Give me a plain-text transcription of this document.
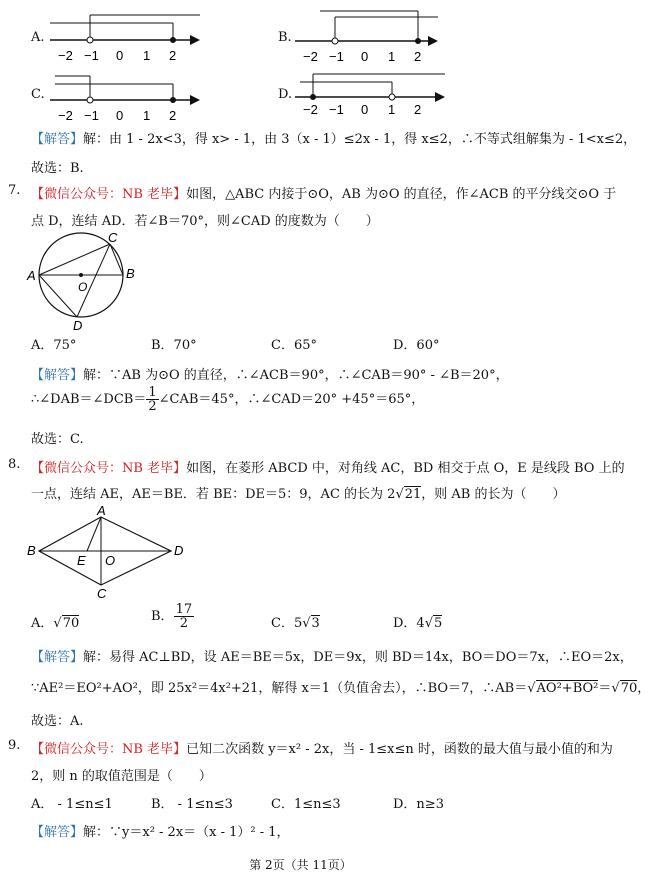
A.
−2 −1 0 1 2
B.
−2 −1 0 1 2
C.
−2 −1 0 1 2
D.
−2 −1 0 1 2
【解答】解：由 1 - 2x<3，得 x> - 1，由 3（x - 1）≤2x - 1，得 x≤2，∴不等式组解集为 - 1<x≤2，
故选：B.
7. 【微信公众号：NB 老毕】如图，△ABC 内接于⊙O，AB 为⊙O 的直径，作∠ACB 的平分线交⊙O 于
点 D，连结 AD．若∠B＝70°，则∠CAD 的度数为（　　）
A	B
C
D
O
A．75°	B．70°	C．65°	D．60°
【解答】解：∵AB 为⊙O 的直径，∴∠ACB＝90°，∴∠CAB＝90° - ∠B＝20°，
∴∠DAB＝∠DCB＝ $\frac{1}{2}$ ∠CAB＝45°，∴∠CAD＝20° +45°＝65°，
故选：C.
8. 【微信公众号：NB 老毕】如图，在菱形 ABCD 中，对角线 AC，BD 相交于点 O，E 是线段 BO 上的
一点，连结 AE，AE＝BE．若 BE：DE＝5：9，AC 的长为 2√21，则 AB 的长为（　　）
A
B
C
D
E O
A．√70	B． $\frac{17}{2}$	C．5√3	D．4√5
【解答】解：易得 AC⊥BD，设 AE＝BE＝5x，DE＝9x，则 BD＝14x，BO＝DO＝7x，∴EO＝2x，
∵AE²＝EO²+AO²，即 25x²＝4x²+21，解得 x＝1（负值舍去），∴BO＝7，∴AB＝√AO²+BO²＝√70，
故选：A.
9. 【微信公众号：NB 老毕】已知二次函数 y＝x² - 2x，当 - 1≤x≤n 时，函数的最大值与最小值的和为
2，则 n 的取值范围是（　　）
A． - 1≤n≤1	B． - 1≤n≤3	C．1≤n≤3	D．n≥3
【解答】解：∵y＝x² - 2x＝（x - 1）² - 1，
第 2页（共 11页）
